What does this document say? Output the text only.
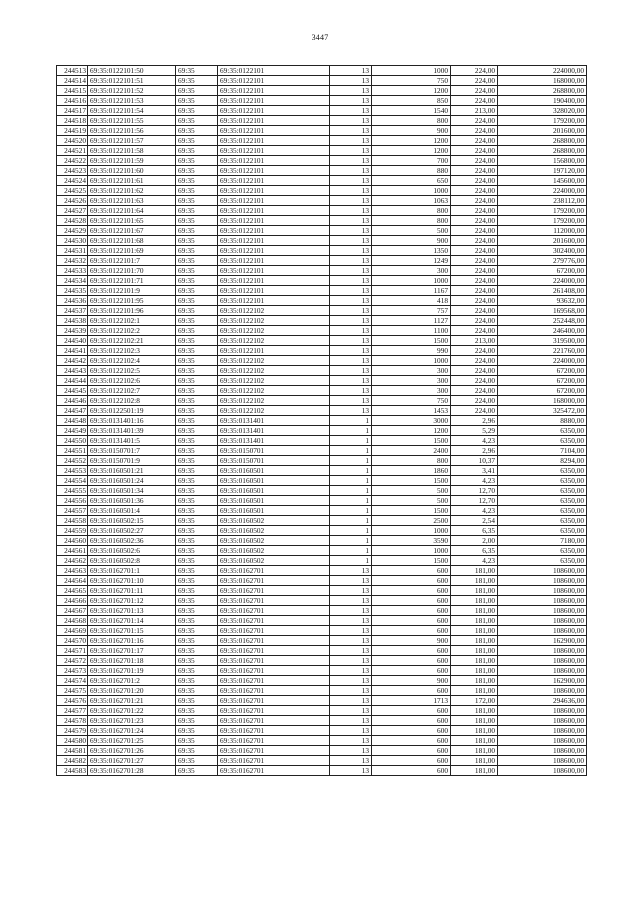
3447
244513	69:35:0122101:50	69:35	69:35:0122101	13	1000	224,00	224000,00
244514	69:35:0122101:51	69:35	69:35:0122101	13	750	224,00	168000,00
244515	69:35:0122101:52	69:35	69:35:0122101	13	1200	224,00	268800,00
244516	69:35:0122101:53	69:35	69:35:0122101	13	850	224,00	190400,00
244517	69:35:0122101:54	69:35	69:35:0122101	13	1540	213,00	328020,00
244518	69:35:0122101:55	69:35	69:35:0122101	13	800	224,00	179200,00
244519	69:35:0122101:56	69:35	69:35:0122101	13	900	224,00	201600,00
244520	69:35:0122101:57	69:35	69:35:0122101	13	1200	224,00	268800,00
244521	69:35:0122101:58	69:35	69:35:0122101	13	1200	224,00	268800,00
244522	69:35:0122101:59	69:35	69:35:0122101	13	700	224,00	156800,00
244523	69:35:0122101:60	69:35	69:35:0122101	13	880	224,00	197120,00
244524	69:35:0122101:61	69:35	69:35:0122101	13	650	224,00	145600,00
244525	69:35:0122101:62	69:35	69:35:0122101	13	1000	224,00	224000,00
244526	69:35:0122101:63	69:35	69:35:0122101	13	1063	224,00	238112,00
244527	69:35:0122101:64	69:35	69:35:0122101	13	800	224,00	179200,00
244528	69:35:0122101:65	69:35	69:35:0122101	13	800	224,00	179200,00
244529	69:35:0122101:67	69:35	69:35:0122101	13	500	224,00	112000,00
244530	69:35:0122101:68	69:35	69:35:0122101	13	900	224,00	201600,00
244531	69:35:0122101:69	69:35	69:35:0122101	13	1350	224,00	302400,00
244532	69:35:0122101:7	69:35	69:35:0122101	13	1249	224,00	279776,00
244533	69:35:0122101:70	69:35	69:35:0122101	13	300	224,00	67200,00
244534	69:35:0122101:71	69:35	69:35:0122101	13	1000	224,00	224000,00
244535	69:35:0122101:9	69:35	69:35:0122101	13	1167	224,00	261408,00
244536	69:35:0122101:95	69:35	69:35:0122101	13	418	224,00	93632,00
244537	69:35:0122101:96	69:35	69:35:0122102	13	757	224,00	169568,00
244538	69:35:0122102:1	69:35	69:35:0122102	13	1127	224,00	252448,00
244539	69:35:0122102:2	69:35	69:35:0122102	13	1100	224,00	246400,00
244540	69:35:0122102:21	69:35	69:35:0122102	13	1500	213,00	319500,00
244541	69:35:0122102:3	69:35	69:35:0122101	13	990	224,00	221760,00
244542	69:35:0122102:4	69:35	69:35:0122102	13	1000	224,00	224000,00
244543	69:35:0122102:5	69:35	69:35:0122102	13	300	224,00	67200,00
244544	69:35:0122102:6	69:35	69:35:0122102	13	300	224,00	67200,00
244545	69:35:0122102:7	69:35	69:35:0122102	13	300	224,00	67200,00
244546	69:35:0122102:8	69:35	69:35:0122102	13	750	224,00	168000,00
244547	69:35:0122501:19	69:35	69:35:0122102	13	1453	224,00	325472,00
244548	69:35:0131401:16	69:35	69:35:0131401	1	3000	2,96	8880,00
244549	69:35:0131401:39	69:35	69:35:0131401	1	1200	5,29	6350,00
244550	69:35:0131401:5	69:35	69:35:0131401	1	1500	4,23	6350,00
244551	69:35:0150701:7	69:35	69:35:0150701	1	2400	2,96	7104,00
244552	69:35:0150701:9	69:35	69:35:0150701	1	800	10,37	8294,00
244553	69:35:0160501:21	69:35	69:35:0160501	1	1860	3,41	6350,00
244554	69:35:0160501:24	69:35	69:35:0160501	1	1500	4,23	6350,00
244555	69:35:0160501:34	69:35	69:35:0160501	1	500	12,70	6350,00
244556	69:35:0160501:36	69:35	69:35:0160501	1	500	12,70	6350,00
244557	69:35:0160501:4	69:35	69:35:0160501	1	1500	4,23	6350,00
244558	69:35:0160502:15	69:35	69:35:0160502	1	2500	2,54	6350,00
244559	69:35:0160502:27	69:35	69:35:0160502	1	1000	6,35	6350,00
244560	69:35:0160502:36	69:35	69:35:0160502	1	3590	2,00	7180,00
244561	69:35:0160502:6	69:35	69:35:0160502	1	1000	6,35	6350,00
244562	69:35:0160502:8	69:35	69:35:0160502	1	1500	4,23	6350,00
244563	69:35:0162701:1	69:35	69:35:0162701	13	600	181,00	108600,00
244564	69:35:0162701:10	69:35	69:35:0162701	13	600	181,00	108600,00
244565	69:35:0162701:11	69:35	69:35:0162701	13	600	181,00	108600,00
244566	69:35:0162701:12	69:35	69:35:0162701	13	600	181,00	108600,00
244567	69:35:0162701:13	69:35	69:35:0162701	13	600	181,00	108600,00
244568	69:35:0162701:14	69:35	69:35:0162701	13	600	181,00	108600,00
244569	69:35:0162701:15	69:35	69:35:0162701	13	600	181,00	108600,00
244570	69:35:0162701:16	69:35	69:35:0162701	13	900	181,00	162900,00
244571	69:35:0162701:17	69:35	69:35:0162701	13	600	181,00	108600,00
244572	69:35:0162701:18	69:35	69:35:0162701	13	600	181,00	108600,00
244573	69:35:0162701:19	69:35	69:35:0162701	13	600	181,00	108600,00
244574	69:35:0162701:2	69:35	69:35:0162701	13	900	181,00	162900,00
244575	69:35:0162701:20	69:35	69:35:0162701	13	600	181,00	108600,00
244576	69:35:0162701:21	69:35	69:35:0162701	13	1713	172,00	294636,00
244577	69:35:0162701:22	69:35	69:35:0162701	13	600	181,00	108600,00
244578	69:35:0162701:23	69:35	69:35:0162701	13	600	181,00	108600,00
244579	69:35:0162701:24	69:35	69:35:0162701	13	600	181,00	108600,00
244580	69:35:0162701:25	69:35	69:35:0162701	13	600	181,00	108600,00
244581	69:35:0162701:26	69:35	69:35:0162701	13	600	181,00	108600,00
244582	69:35:0162701:27	69:35	69:35:0162701	13	600	181,00	108600,00
244583	69:35:0162701:28	69:35	69:35:0162701	13	600	181,00	108600,00
